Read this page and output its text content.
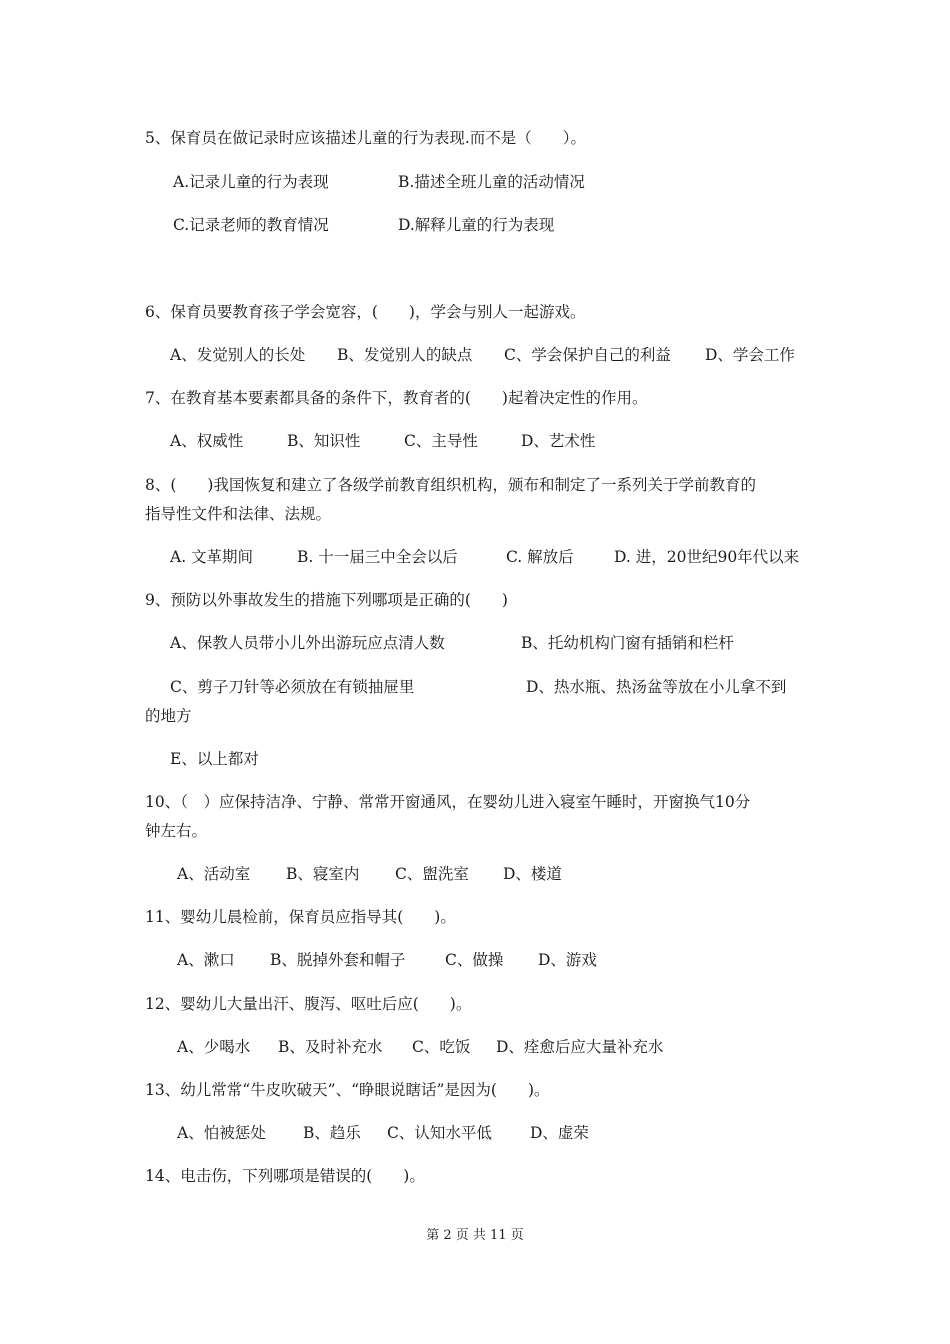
5、保育员在做记录时应该描述儿童的行为表现.而不是（　　）。
A.记录儿童的行为表现	B.描述全班儿童的活动情况
C.记录老师的教育情况	D.解释儿童的行为表现
6、保育员要教育孩子学会宽容，(　　)，学会与别人一起游戏。
A、发觉别人的长处 B、发觉别人的缺点 C、学会保护自己的利益 D、学会工作
7、在教育基本要素都具备的条件下，教育者的(　　)起着决定性的作用。
A、权威性	B、知识性	C、主导性	D、艺术性
8、(　　)我国恢复和建立了各级学前教育组织机构，颁布和制定了一系列关于学前教育的
指导性文件和法律、法规。
A. 文革期间	B. 十一届三中全会以后	C. 解放后	D. 进，20世纪90年代以来
9、预防以外事故发生的措施下列哪项是正确的(　　)
A、保教人员带小儿外出游玩应点清人数	B、托幼机构门窗有插销和栏杆
C、剪子刀针等必须放在有锁抽屉里	D、热水瓶、热汤盆等放在小儿拿不到
的地方
E、以上都对
10、（　）应保持洁净、宁静、常常开窗通风，在婴幼儿进入寝室午睡时，开窗换气10分
钟左右。
A、活动室 B、寝室内 C、盥洗室 D、楼道
11、婴幼儿晨检前，保育员应指导其(　　)。
A、漱口 B、脱掉外套和帽子	C、做操 D、游戏
12、婴幼儿大量出汗、腹泻、呕吐后应(　　)。
A、少喝水 B、及时补充水 C、吃饭 D、痊愈后应大量补充水
13、幼儿常常“牛皮吹破天”、“睁眼说瞎话”是因为(　　)。
A、怕被惩处 B、趋乐 C、认知水平低 D、虚荣
14、电击伤，下列哪项是错误的(　　)。
第 2 页 共 11 页
